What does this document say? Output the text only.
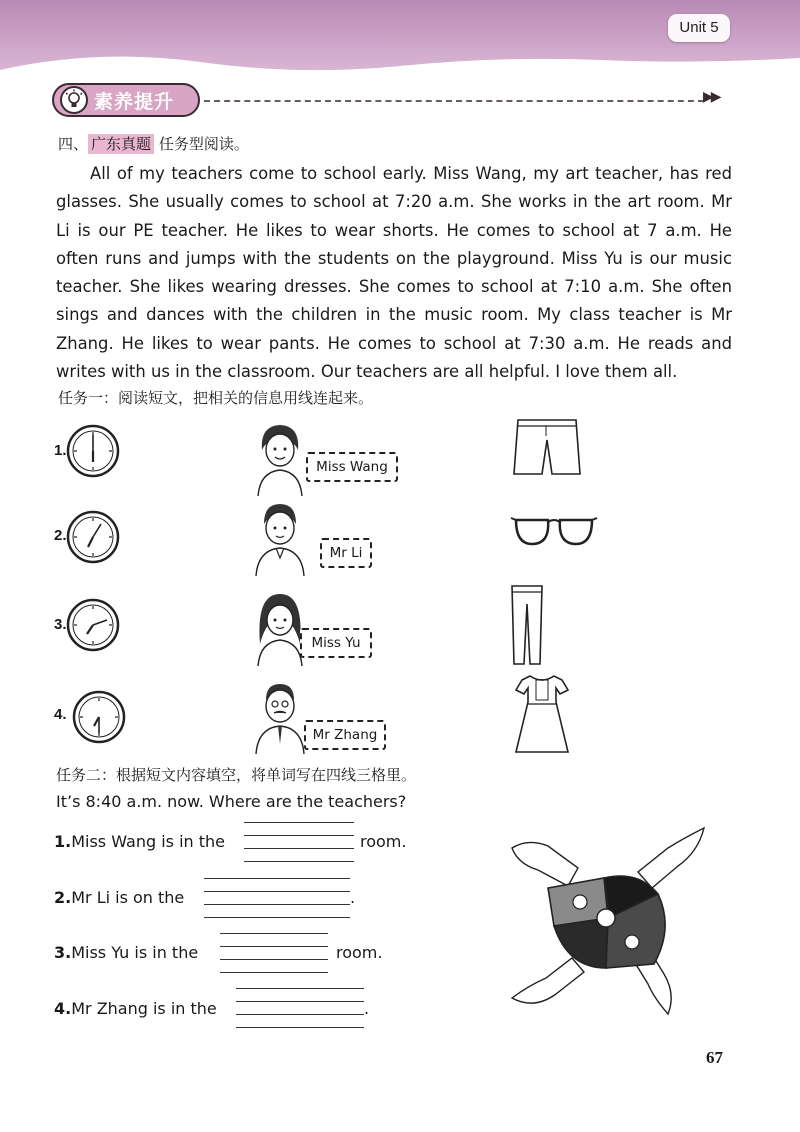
Unit 5
素养提升	▶▶
四、 广东真题 任务型阅读。
All of my teachers come to school early. Miss Wang, my art teacher, has red glasses. She usually comes to school at 7:20 a.m. She works in the art room. Mr Li is our PE teacher. He likes to wear shorts. He comes to school at 7 a.m. He often runs and jumps with the students on the playground. Miss Yu is our music teacher. She likes wearing dresses. She comes to school at 7:10 a.m. She often sings and dances with the children in the music room. My class teacher is Mr Zhang. He likes to wear pants. He comes to school at 7:30 a.m. He reads and writes with us in the classroom. Our teachers are all helpful. I love them all.
任务一：阅读短文，把相关的信息用线连起来。
1.
Miss Wang
2.
Mr Li
3.
Miss Yu
4.
Mr Zhang
任务二：根据短文内容填空，将单词写在四线三格里。
It’s 8:40 a.m. now. Where are the teachers?
1.Miss Wang is in the	room.
2.Mr Li is on the	.
3.Miss Yu is in the	room.
4.Mr Zhang is in the	.
67
